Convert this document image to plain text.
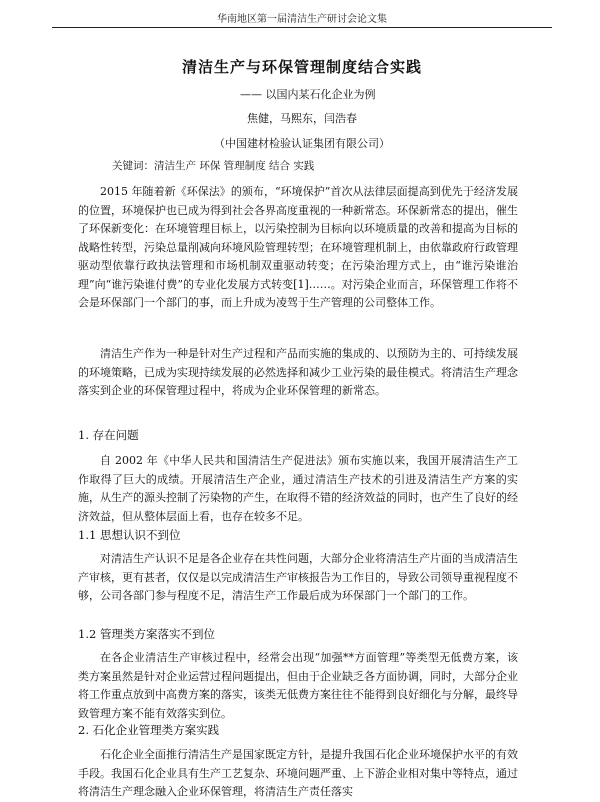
华南地区第一届清洁生产研讨会论文集
清洁生产与环保管理制度结合实践
—— 以国内某石化企业为例
焦健，马熙东，闫浩春
（中国建材检验认证集团有限公司）
关键词：清洁生产 环保 管理制度 结合 实践

2015 年随着新《环保法》的颁布，“环境保护”首次从法律层面提高到优先于经济发展的位置，环境保护也已成为得到社会各界高度重视的一种新常态。环保新常态的提出，催生了环保新变化：在环境管理目标上，以污染控制为目标向以环境质量的改善和提高为目标的战略性转型，污染总量削减向环境风险管理转型；在环境管理机制上，由依靠政府行政管理驱动型依靠行政执法管理和市场机制双重驱动转变；在污染治理方式上，由“谁污染谁治理”向“谁污染谁付费”的专业化发展方式转变[1]……。对污染企业而言，环保管理工作将不会是环保部门一个部门的事，而上升成为凌驾于生产管理的公司整体工作。

清洁生产作为一种是针对生产过程和产品而实施的集成的、以预防为主的、可持续发展的环境策略，已成为实现持续发展的必然选择和减少工业污染的最佳模式。将清洁生产理念落实到企业的环保管理过程中，将成为企业环保管理的新常态。

1. 存在问题

自 2002 年《中华人民共和国清洁生产促进法》颁布实施以来，我国开展清洁生产工作取得了巨大的成绩。开展清洁生产企业，通过清洁生产技术的引进及清洁生产方案的实施，从生产的源头控制了污染物的产生，在取得不错的经济效益的同时，也产生了良好的经济效益，但从整体层面上看，也存在较多不足。

1.1 思想认识不到位

对清洁生产认识不足是各企业存在共性问题，大部分企业将清洁生产片面的当成清洁生产审核，更有甚者，仅仅是以完成清洁生产审核报告为工作目的，导致公司领导重视程度不够，公司各部门参与程度不足，清洁生产工作最后成为环保部门一个部门的工作。

1.2 管理类方案落实不到位

在各企业清洁生产审核过程中，经常会出现“加强**方面管理”等类型无低费方案，该类方案虽然是针对企业运营过程问题提出，但由于企业缺乏各方面协调，同时，大部分企业将工作重点放到中高费方案的落实，该类无低费方案往往不能得到良好细化与分解，最终导致管理方案不能有效落实到位。

2. 石化企业管理类方案实践

石化企业全面推行清洁生产是国家既定方针，是提升我国石化企业环境保护水平的有效手段。我国石化企业具有生产工艺复杂、环境问题严重、上下游企业相对集中等特点，通过将清洁生产理念融入企业环保管理，将清洁生产责任落实
